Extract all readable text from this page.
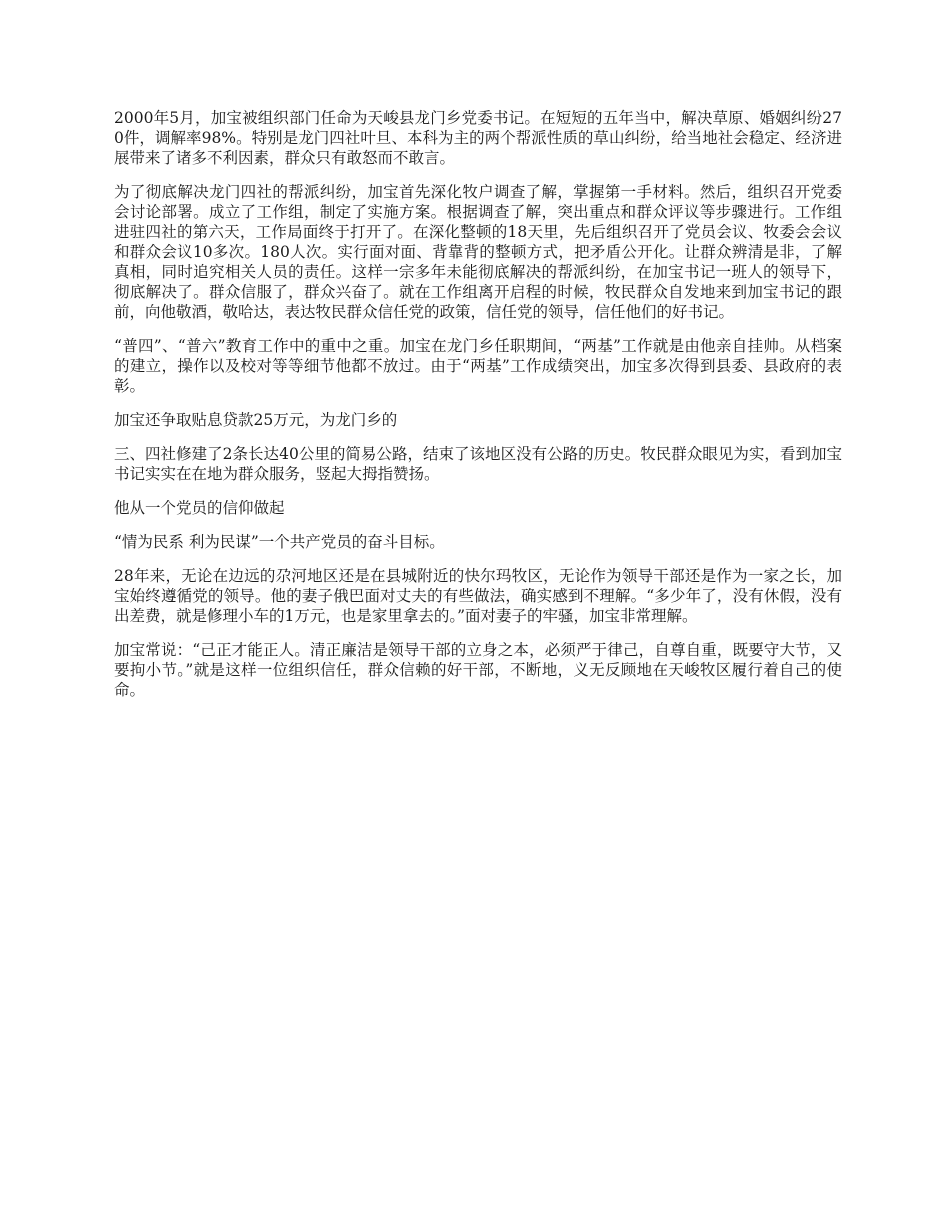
2000年5月，加宝被组织部门任命为天峻县龙门乡党委书记。在短短的五年当中，解决草原、婚姻纠纷270件，调解率98%。特别是龙门四社叶旦、本科为主的两个帮派性质的草山纠纷，给当地社会稳定、经济进展带来了诸多不利因素，群众只有敢怒而不敢言。

为了彻底解决龙门四社的帮派纠纷，加宝首先深化牧户调查了解，掌握第一手材料。然后，组织召开党委会讨论部署。成立了工作组，制定了实施方案。根据调查了解，突出重点和群众评议等步骤进行。工作组进驻四社的第六天，工作局面终于打开了。在深化整顿的18天里，先后组织召开了党员会议、牧委会会议和群众会议10多次。180人次。实行面对面、背靠背的整顿方式，把矛盾公开化。让群众辨清是非，了解真相，同时追究相关人员的责任。这样一宗多年未能彻底解决的帮派纠纷，在加宝书记一班人的领导下，彻底解决了。群众信服了，群众兴奋了。就在工作组离开启程的时候，牧民群众自发地来到加宝书记的跟前，向他敬酒，敬哈达，表达牧民群众信任党的政策，信任党的领导，信任他们的好书记。

“普四”、“普六”教育工作中的重中之重。加宝在龙门乡任职期间，“两基”工作就是由他亲自挂帅。从档案的建立，操作以及校对等等细节他都不放过。由于“两基”工作成绩突出，加宝多次得到县委、县政府的表彰。

加宝还争取贴息贷款25万元，为龙门乡的

三、四社修建了2条长达40公里的简易公路，结束了该地区没有公路的历史。牧民群众眼见为实，看到加宝书记实实在在地为群众服务，竖起大拇指赞扬。

他从一个党员的信仰做起

“情为民系 利为民谋”一个共产党员的奋斗目标。

28年来，无论在边远的尕河地区还是在县城附近的快尔玛牧区，无论作为领导干部还是作为一家之长，加宝始终遵循党的领导。他的妻子俄巴面对丈夫的有些做法，确实感到不理解。“多少年了，没有休假，没有出差费，就是修理小车的1万元，也是家里拿去的。”面对妻子的牢骚，加宝非常理解。

加宝常说：“己正才能正人。清正廉洁是领导干部的立身之本，必须严于律己，自尊自重，既要守大节，又要拘小节。”就是这样一位组织信任，群众信赖的好干部，不断地，义无反顾地在天峻牧区履行着自己的使命。
